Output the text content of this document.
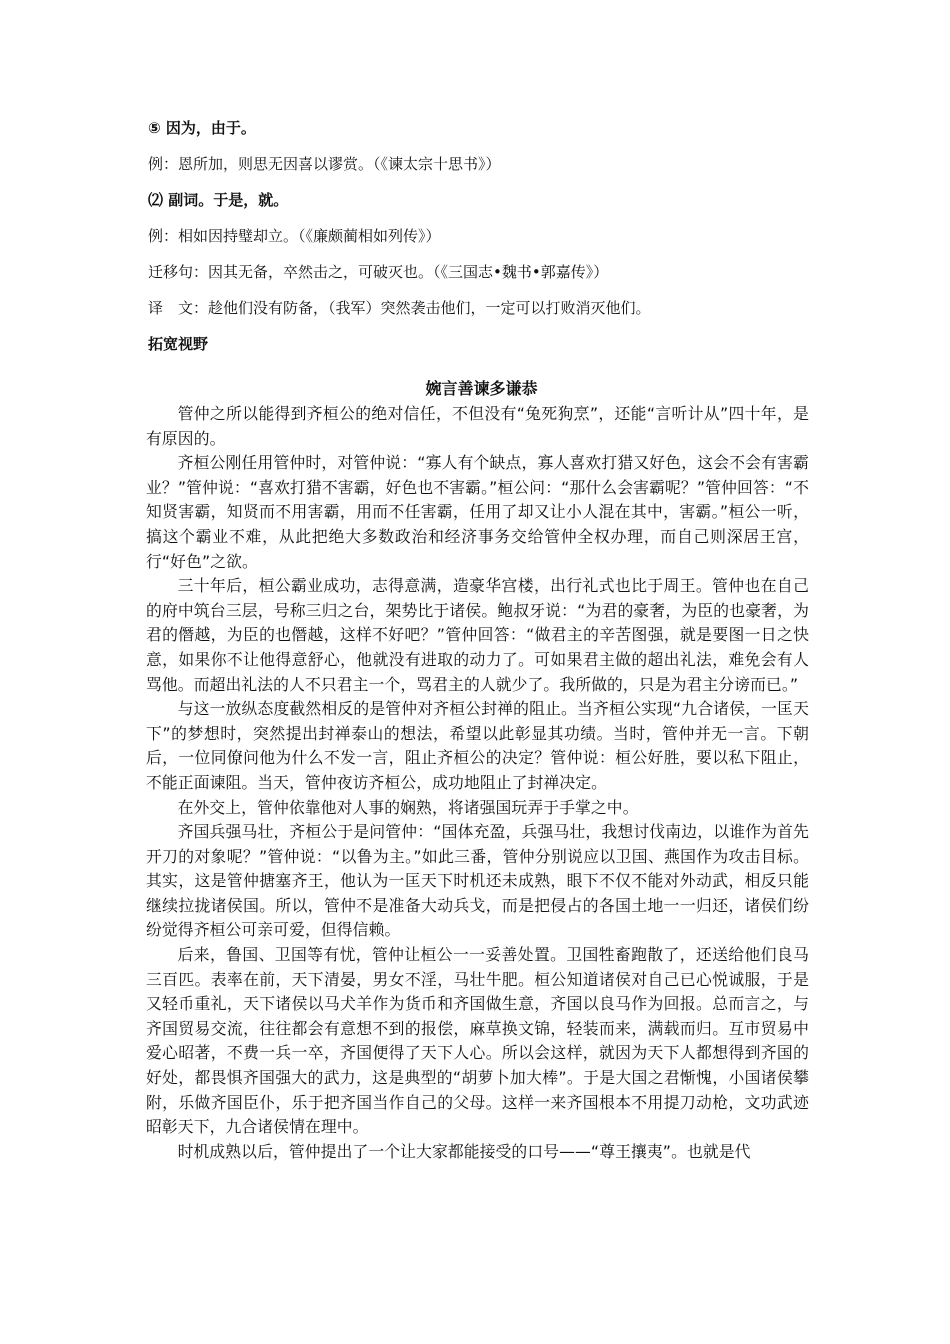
⑤ 因为，由于。

例：恩所加，则思无因喜以谬赏。（《谏太宗十思书》）

⑵ 副词。于是，就。

例：相如因持璧却立。（《廉颇蔺相如列传》）

迁移句：因其无备，卒然击之，可破灭也。（《三国志•魏书•郭嘉传》）

译　文：趁他们没有防备，（我军）突然袭击他们，一定可以打败消灭他们。

拓宽视野

婉言善谏多谦恭

管仲之所以能得到齐桓公的绝对信任，不但没有“兔死狗烹”，还能“言听计从”四十年，是有原因的。

齐桓公刚任用管仲时，对管仲说：“寡人有个缺点，寡人喜欢打猎又好色，这会不会有害霸业？”管仲说：“喜欢打猎不害霸，好色也不害霸。”桓公问：“那什么会害霸呢？”管仲回答：“不知贤害霸，知贤而不用害霸，用而不任害霸，任用了却又让小人混在其中，害霸。”桓公一听，搞这个霸业不难，从此把绝大多数政治和经济事务交给管仲全权办理，而自己则深居王宫，行“好色”之欲。

三十年后，桓公霸业成功，志得意满，造豪华宫楼，出行礼式也比于周王。管仲也在自己的府中筑台三层，号称三归之台，架势比于诸侯。鲍叔牙说：“为君的豪奢，为臣的也豪奢，为君的僭越，为臣的也僭越，这样不好吧？”管仲回答：“做君主的辛苦图强，就是要图一日之快意，如果你不让他得意舒心，他就没有进取的动力了。可如果君主做的超出礼法，难免会有人骂他。而超出礼法的人不只君主一个，骂君主的人就少了。我所做的，只是为君主分谤而已。”

与这一放纵态度截然相反的是管仲对齐桓公封禅的阻止。当齐桓公实现“九合诸侯，一匡天下”的梦想时，突然提出封禅泰山的想法，希望以此彰显其功绩。当时，管仲并无一言。下朝后，一位同僚问他为什么不发一言，阻止齐桓公的决定？管仲说：桓公好胜，要以私下阻止，不能正面谏阻。当天，管仲夜访齐桓公，成功地阻止了封禅决定。

在外交上，管仲依靠他对人事的娴熟，将诸强国玩弄于手掌之中。

齐国兵强马壮，齐桓公于是问管仲：“国体充盈，兵强马壮，我想讨伐南边，以谁作为首先开刀的对象呢？”管仲说：“以鲁为主。”如此三番，管仲分别说应以卫国、燕国作为攻击目标。其实，这是管仲搪塞齐王，他认为一匡天下时机还未成熟，眼下不仅不能对外动武，相反只能继续拉拢诸侯国。所以，管仲不是准备大动兵戈，而是把侵占的各国土地一一归还，诸侯们纷纷觉得齐桓公可亲可爱，但得信赖。

后来，鲁国、卫国等有忧，管仲让桓公一一妥善处置。卫国牲畜跑散了，还送给他们良马三百匹。表率在前，天下清晏，男女不淫，马壮牛肥。桓公知道诸侯对自己已心悦诚服，于是又轻币重礼，天下诸侯以马犬羊作为货币和齐国做生意，齐国以良马作为回报。总而言之，与齐国贸易交流，往往都会有意想不到的报偿，麻草换文锦，轻装而来，满载而归。互市贸易中爱心昭著，不费一兵一卒，齐国便得了天下人心。所以会这样，就因为天下人都想得到齐国的好处，都畏惧齐国强大的武力，这是典型的“胡萝卜加大棒”。于是大国之君惭愧，小国诸侯攀附，乐做齐国臣仆，乐于把齐国当作自己的父母。这样一来齐国根本不用提刀动枪，文功武迹昭彰天下，九合诸侯情在理中。

时机成熟以后，管仲提出了一个让大家都能接受的口号——“尊王攘夷”。也就是代
